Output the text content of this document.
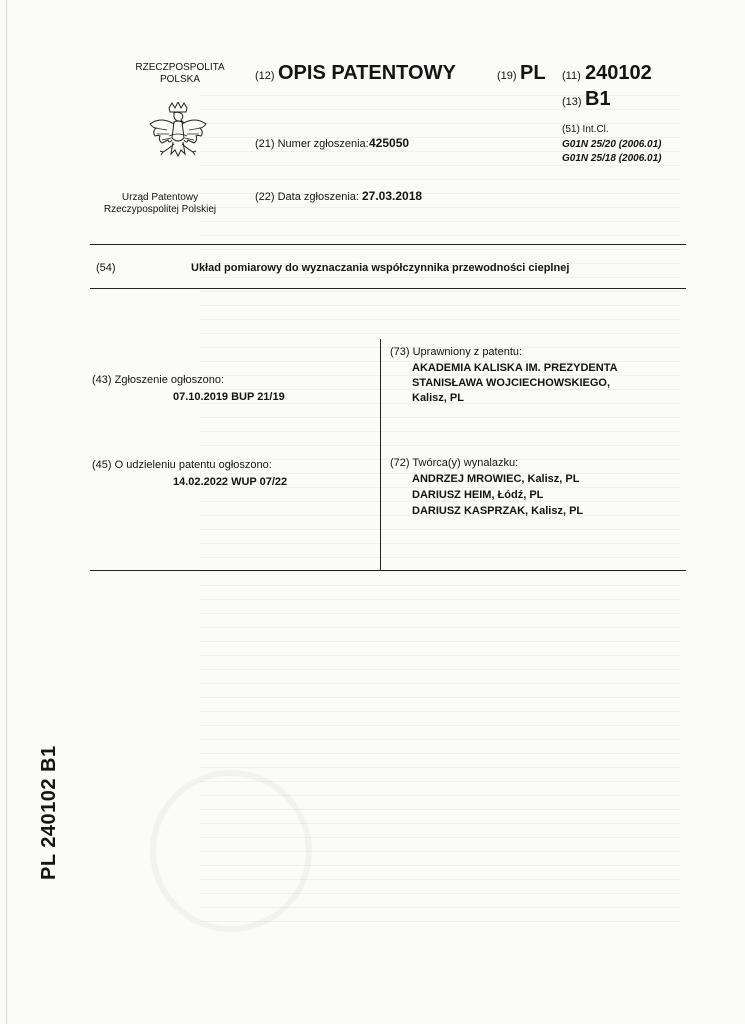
RZECZPOSPOLITA
POLSKA
Urząd Patentowy
Rzeczypospolitej Polskiej
(12) OPIS PATENTOWY	(19) PL (11) 240102
(13) B1
(21) Numer zgłoszenia: 425050
(22) Data zgłoszenia: 27.03.2018
(51) Int.Cl.
G01N 25/20 (2006.01)
G01N 25/18 (2006.01)
(54)	Układ pomiarowy do wyznaczania współczynnika przewodności cieplnej
(43) Zgłoszenie ogłoszono:
07.10.2019 BUP 21/19
(45) O udzieleniu patentu ogłoszono:
14.02.2022 WUP 07/22
(73) Uprawniony z patentu:
AKADEMIA KALISKA IM. PREZYDENTA
STANISŁAWA WOJCIECHOWSKIEGO,
Kalisz, PL
(72) Twórca(y) wynalazku:
ANDRZEJ MROWIEC, Kalisz, PL
DARIUSZ HEIM, Łódź, PL
DARIUSZ KASPRZAK, Kalisz, PL
PL 240102 B1
